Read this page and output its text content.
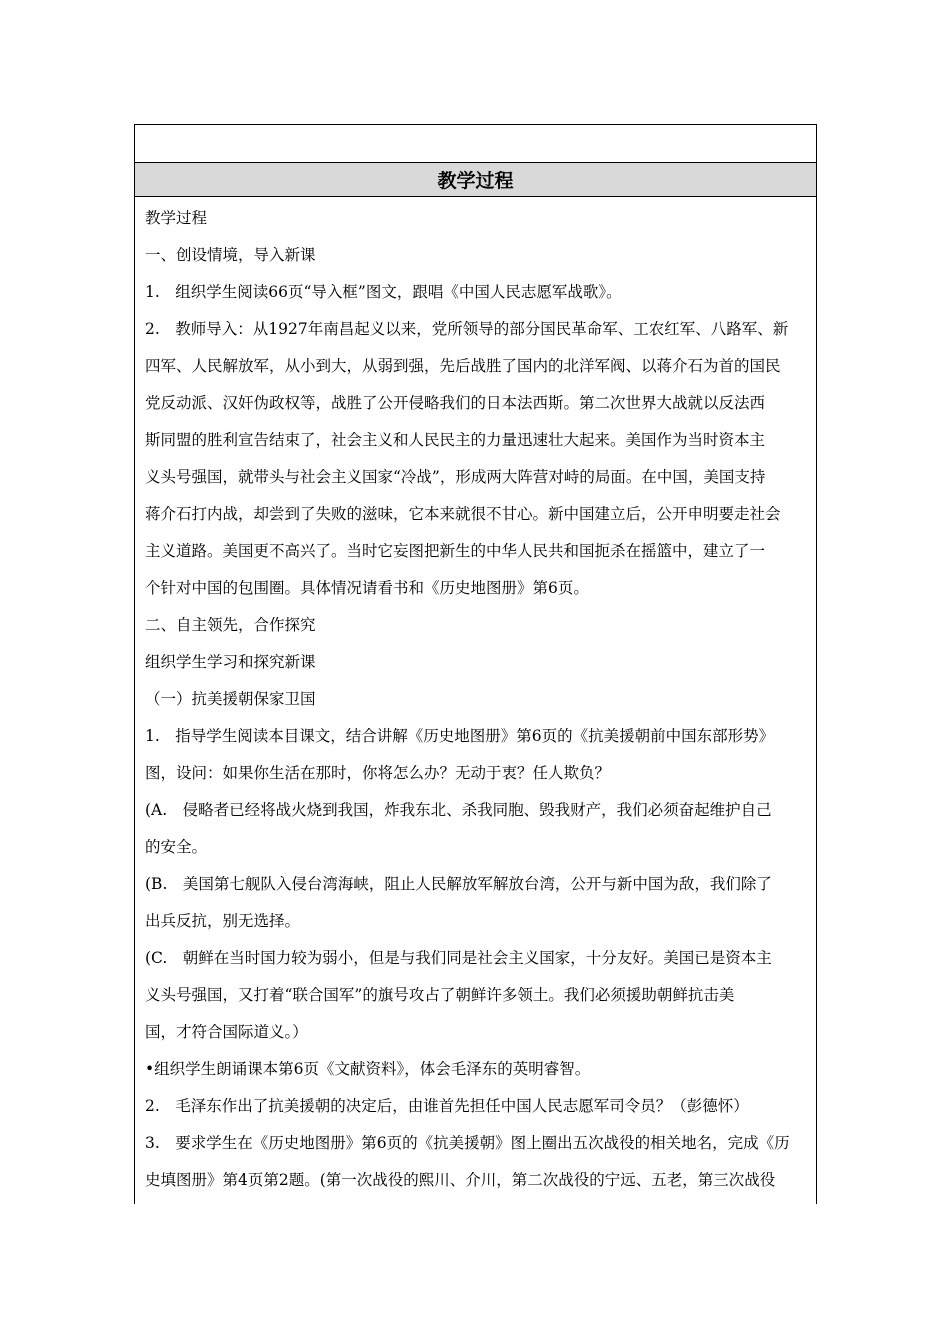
教学过程

教学过程

一、创设情境，导入新课

1.　组织学生阅读66页“导入框”图文，跟唱《中国人民志愿军战歌》。

2.　教师导入：从1927年南昌起义以来，党所领导的部分国民革命军、工农红军、八路军、新

四军、人民解放军，从小到大，从弱到强，先后战胜了国内的北洋军阀、以蒋介石为首的国民

党反动派、汉奸伪政权等，战胜了公开侵略我们的日本法西斯。第二次世界大战就以反法西

斯同盟的胜利宣告结束了，社会主义和人民民主的力量迅速壮大起来。美国作为当时资本主

义头号强国，就带头与社会主义国家“冷战”，形成两大阵营对峙的局面。在中国，美国支持

蒋介石打内战，却尝到了失败的滋味，它本来就很不甘心。新中国建立后，公开申明要走社会

主义道路。美国更不高兴了。当时它妄图把新生的中华人民共和国扼杀在摇篮中，建立了一

个针对中国的包围圈。具体情况请看书和《历史地图册》第6页。

二、自主领先，合作探究

组织学生学习和探究新课

（一）抗美援朝保家卫国

1.　指导学生阅读本目课文，结合讲解《历史地图册》第6页的《抗美援朝前中国东部形势》

图，设问：如果你生活在那时，你将怎么办？无动于衷？任人欺负？

(A.　侵略者已经将战火烧到我国，炸我东北、杀我同胞、毁我财产，我们必须奋起维护自己

的安全。

(B.　美国第七舰队入侵台湾海峡，阻止人民解放军解放台湾，公开与新中国为敌，我们除了

出兵反抗，别无选择。

(C.　朝鲜在当时国力较为弱小，但是与我们同是社会主义国家，十分友好。美国已是资本主

义头号强国，又打着“联合国军”的旗号攻占了朝鲜许多领土。我们必须援助朝鲜抗击美

国，才符合国际道义。）

•组织学生朗诵课本第6页《文献资料》，体会毛泽东的英明睿智。

2.　毛泽东作出了抗美援朝的决定后，由谁首先担任中国人民志愿军司令员？（彭德怀）

3.　要求学生在《历史地图册》第6页的《抗美援朝》图上圈出五次战役的相关地名，完成《历

史填图册》第4页第2题。(第一次战役的熙川、介川，第二次战役的宁远、五老，第三次战役
